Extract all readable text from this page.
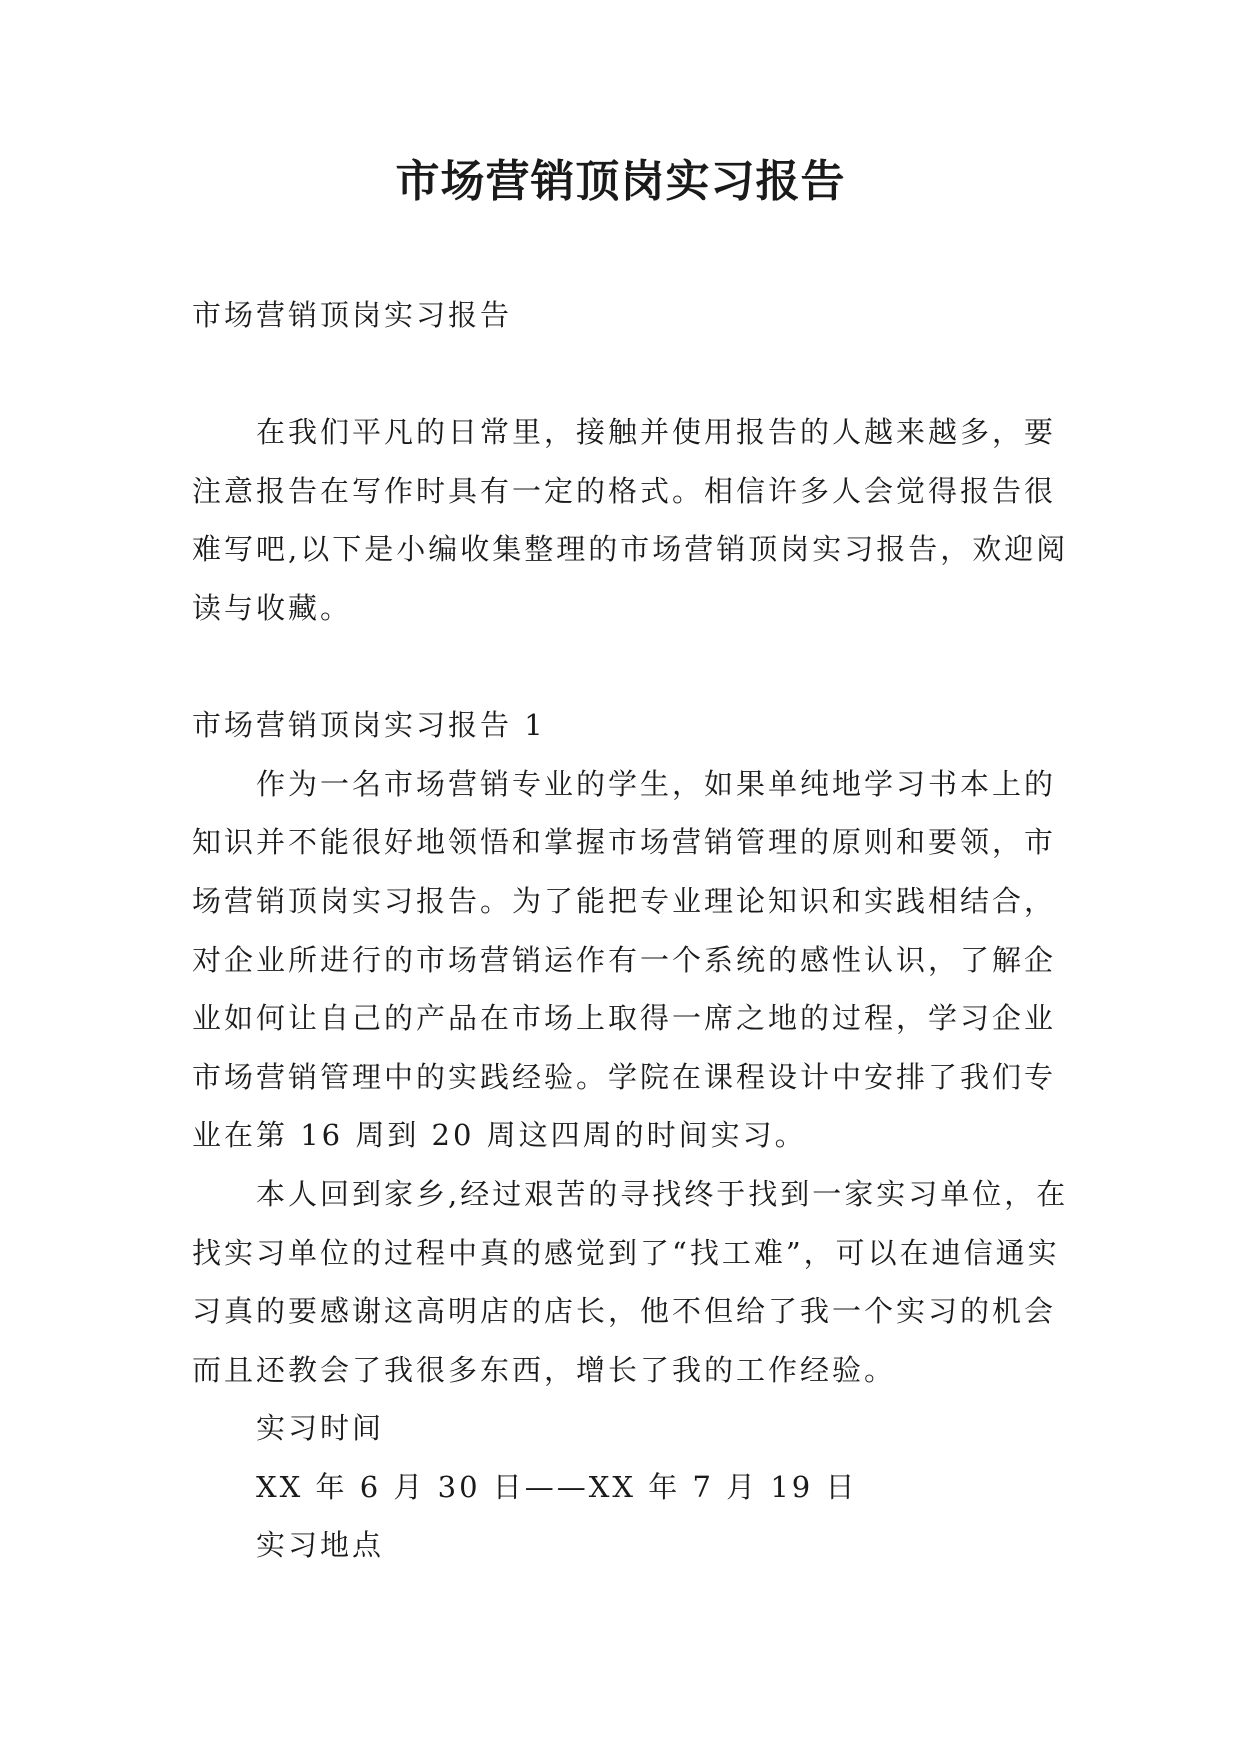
市场营销顶岗实习报告

市场营销顶岗实习报告

在我们平凡的日常里，接触并使用报告的人越来越多，要注意报告在写作时具有一定的格式。相信许多人会觉得报告很难写吧,以下是小编收集整理的市场营销顶岗实习报告，欢迎阅读与收藏。

市场营销顶岗实习报告 1

作为一名市场营销专业的学生，如果单纯地学习书本上的知识并不能很好地领悟和掌握市场营销管理的原则和要领，市场营销顶岗实习报告。为了能把专业理论知识和实践相结合，对企业所进行的市场营销运作有一个系统的感性认识，了解企业如何让自己的产品在市场上取得一席之地的过程，学习企业市场营销管理中的实践经验。学院在课程设计中安排了我们专业在第 16 周到 20 周这四周的时间实习。

本人回到家乡,经过艰苦的寻找终于找到一家实习单位，在找实习单位的过程中真的感觉到了“找工难”，可以在迪信通实习真的要感谢这高明店的店长，他不但给了我一个实习的机会而且还教会了我很多东西，增长了我的工作经验。

实习时间

XX 年 6 月 30 日——XX 年 7 月 19 日

实习地点
